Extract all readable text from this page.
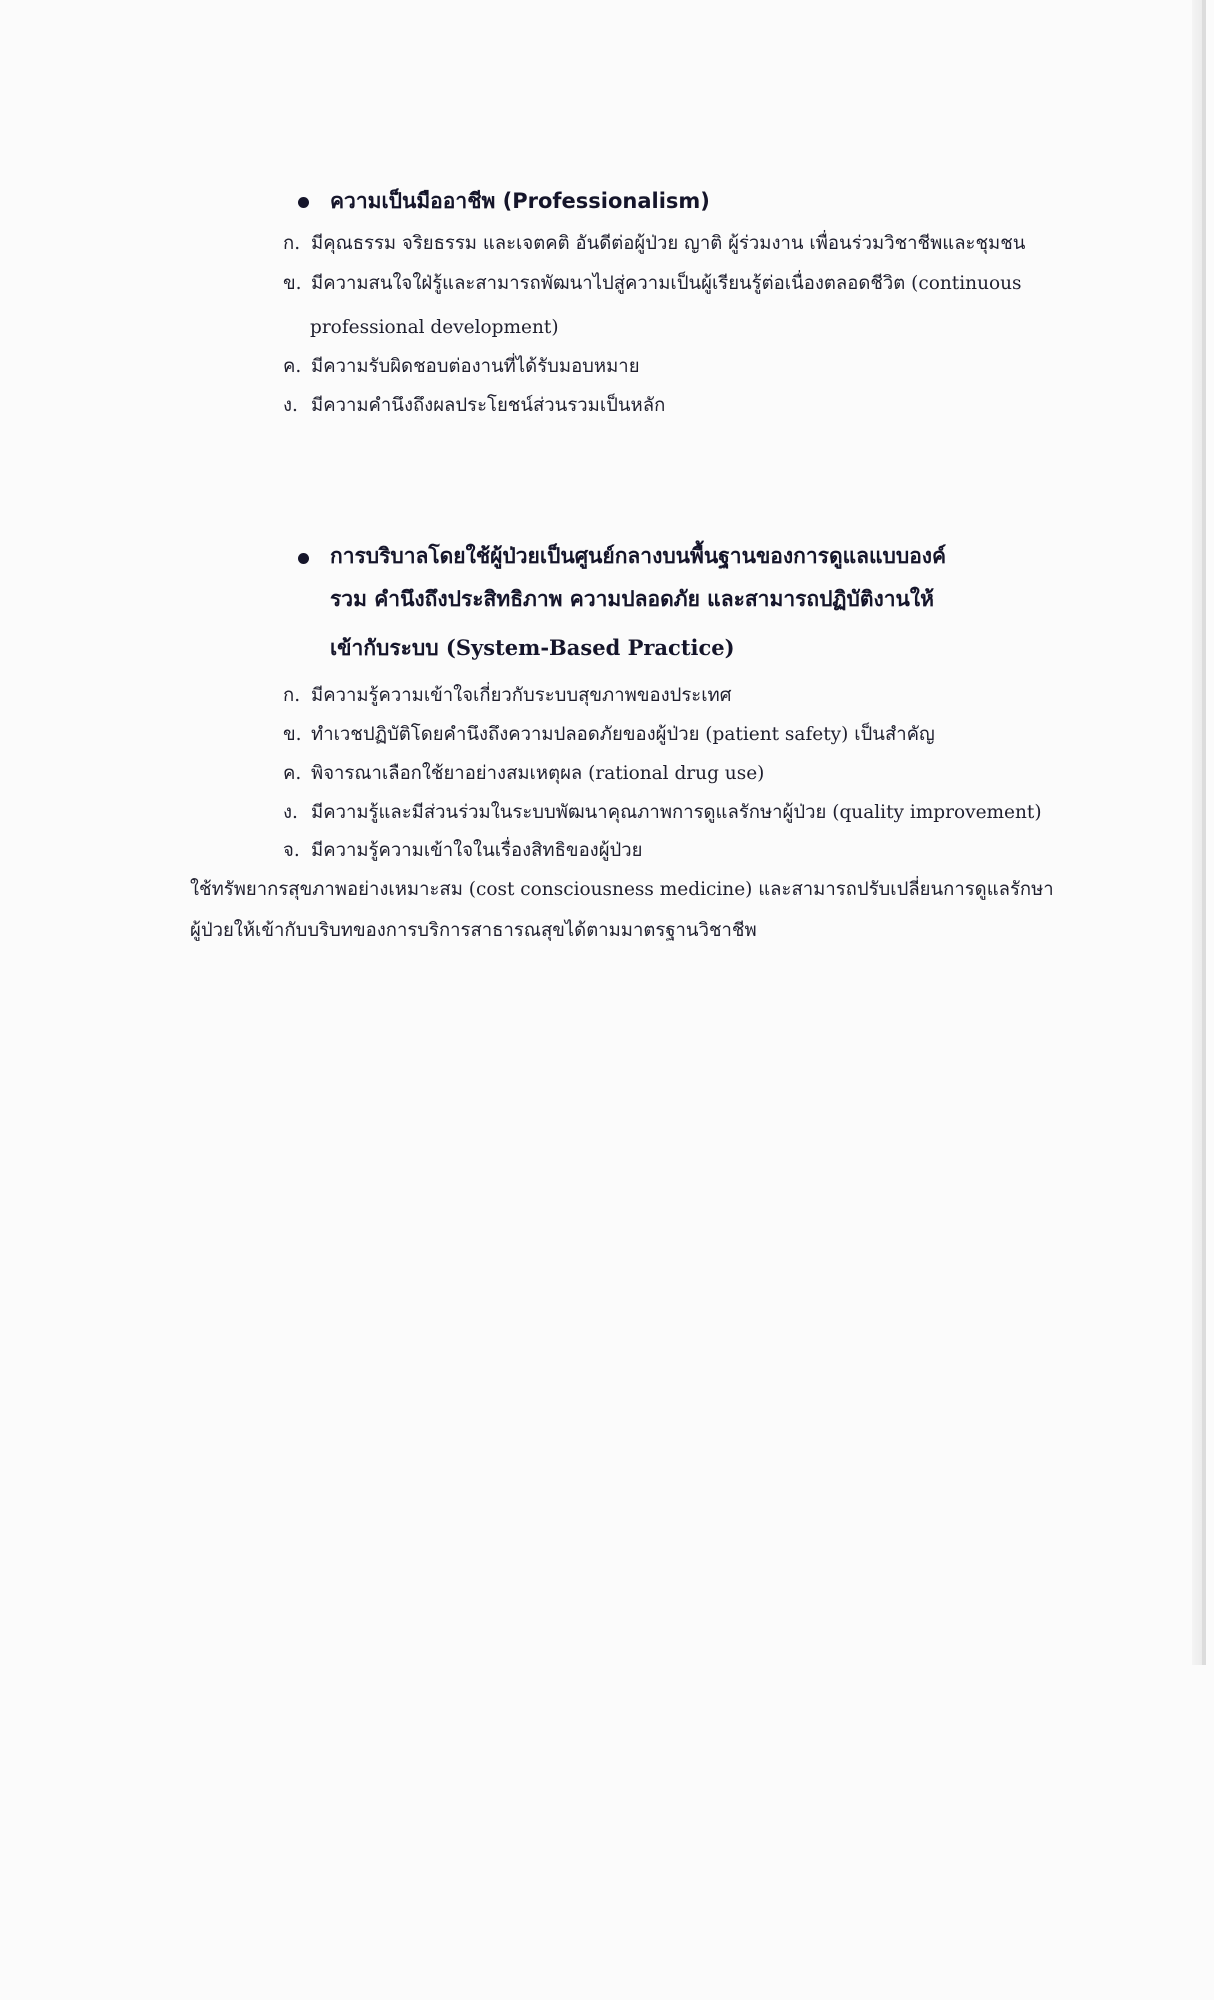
ความเป็นมืออาชีพ (Professionalism)
ก. มีคุณธรรม จริยธรรม และเจตคติ อันดีต่อผู้ป่วย ญาติ ผู้ร่วมงาน เพื่อนร่วมวิชาชีพและชุมชน
ข. มีความสนใจใฝ่รู้และสามารถพัฒนาไปสู่ความเป็นผู้เรียนรู้ต่อเนื่องตลอดชีวิต (continuous
professional development)
ค. มีความรับผิดชอบต่องานที่ได้รับมอบหมาย
ง. มีความคำนึงถึงผลประโยชน์ส่วนรวมเป็นหลัก
การบริบาลโดยใช้ผู้ป่วยเป็นศูนย์กลางบนพื้นฐานของการดูแลแบบองค์
รวม คำนึงถึงประสิทธิภาพ ความปลอดภัย และสามารถปฏิบัติงานให้
เข้ากับระบบ (System-Based Practice)
ก. มีความรู้ความเข้าใจเกี่ยวกับระบบสุขภาพของประเทศ
ข. ทำเวชปฏิบัติโดยคำนึงถึงความปลอดภัยของผู้ป่วย (patient safety) เป็นสำคัญ
ค. พิจารณาเลือกใช้ยาอย่างสมเหตุผล (rational drug use)
ง. มีความรู้และมีส่วนร่วมในระบบพัฒนาคุณภาพการดูแลรักษาผู้ป่วย (quality improvement)
จ. มีความรู้ความเข้าใจในเรื่องสิทธิของผู้ป่วย
ใช้ทรัพยากรสุขภาพอย่างเหมาะสม (cost consciousness medicine) และสามารถปรับเปลี่ยนการดูแลรักษา
ผู้ป่วยให้เข้ากับบริบทของการบริการสาธารณสุขได้ตามมาตรฐานวิชาชีพ
